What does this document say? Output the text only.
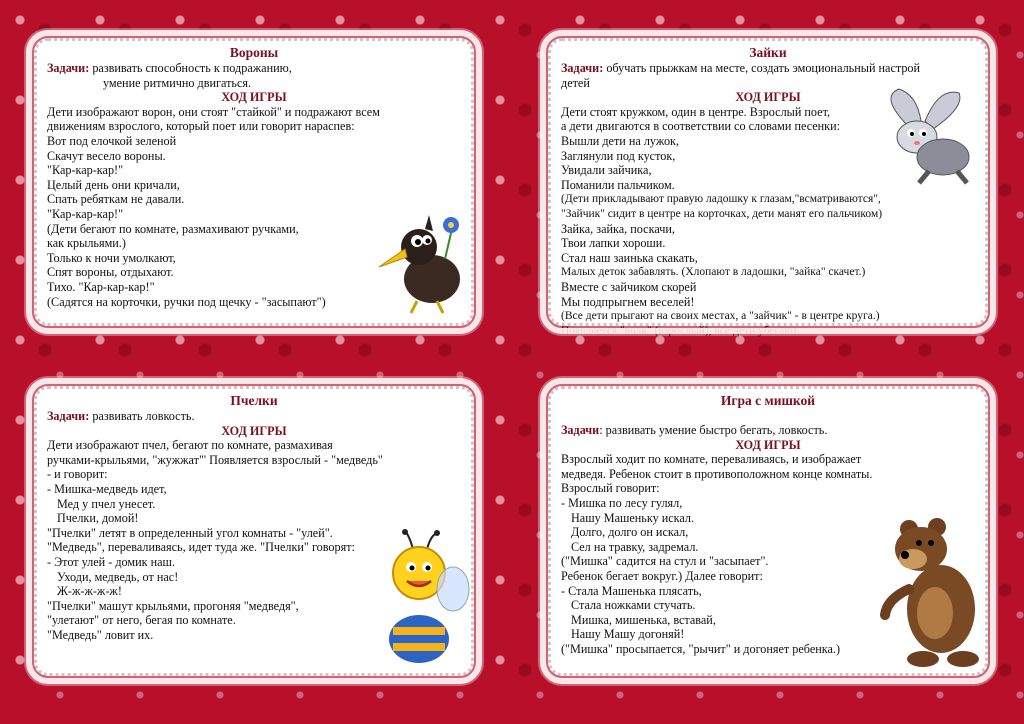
Вороны

Задачи: развивать способность к подражанию,

умение ритмично двигаться.

ХОД ИГРЫ

Дети изображают ворон, они стоят "стайкой" и подражают всем

движениям взрослого, который поет или говорит нараспев:

Вот под елочкой зеленой

Скачут весело вороны.

"Кар-кар-кар!"

Целый день они кричали,

Спать ребяткам не давали.

"Кар-кар-кар!"

(Дети бегают по комнате, размахивают ручками,

как крыльями.)

Только к ночи умолкают,

Спят вороны, отдыхают.

Тихо. "Кар-кар-кар!"

(Садятся на корточки, ручки под щечку - "засыпают")

Зайки

Задачи: обучать прыжкам на месте, создать эмоциональный настрой

детей

ХОД ИГРЫ

Дети стоят кружком, один в центре. Взрослый поет,

а дети двигаются в соответствии со словами песенки:

Вышли дети на лужок,

Заглянули под кусток,

Увидали зайчика,

Поманили пальчиком.

(Дети прикладывают правую ладошку к глазам,"всматриваются",

"Зайчик" сидит в центре на корточках, дети манят его пальчиком)

Зайка, зайка, поскачи,

Твои лапки хороши.

Стал наш заинька скакать,

Малых деток забавлять. (Хлопают в ладошки, "зайка" скачет.)

Вместе с зайчиком скорей

Мы подпрыгнем веселей!

(Все дети прыгают на своих местах, а "зайчик" - в центре круга.)

Появляется "волк" (взрослый), все дети убегают.

Пчелки

Задачи: развивать ловкость.

ХОД ИГРЫ

Дети изображают пчел, бегают по комнате, размахивая

ручками-крыльями, "жужжат"' Появляется взрослый - "медведь"

- и говорит:

- Мишка-медведь идет,

Мед у пчел унесет.

Пчелки, домой!

"Пчелки" летят в определенный угол комнаты - "улей".

"Медведь", переваливаясь, идет туда же. "Пчелки" говорят:

- Этот улей - домик наш.

Уходи, медведь, от нас!

Ж-ж-ж-ж-ж!

"Пчелки" машут крыльями, прогоняя "медведя",

"улетают" от него, бегая по комнате.

"Медведь" ловит их.

Игра с мишкой

Задачи: развивать умение быстро бегать, ловкость.

ХОД ИГРЫ

Взрослый ходит по комнате, переваливаясь, и изображает

медведя. Ребенок стоит в противоположном конце комнаты.

Взрослый говорит:

- Мишка по лесу гулял,

Нашу Машеньку искал.

Долго, долго он искал,

Сел на травку, задремал.

("Мишка" садится на стул и "засыпает".

Ребенок бегает вокруг.) Далее говорит:

- Стала Машенька плясать,

Стала ножками стучать.

Мишка, мишенька, вставай,

Нашу Машу догоняй!

("Мишка" просыпается, "рычит" и догоняет ребенка.)
